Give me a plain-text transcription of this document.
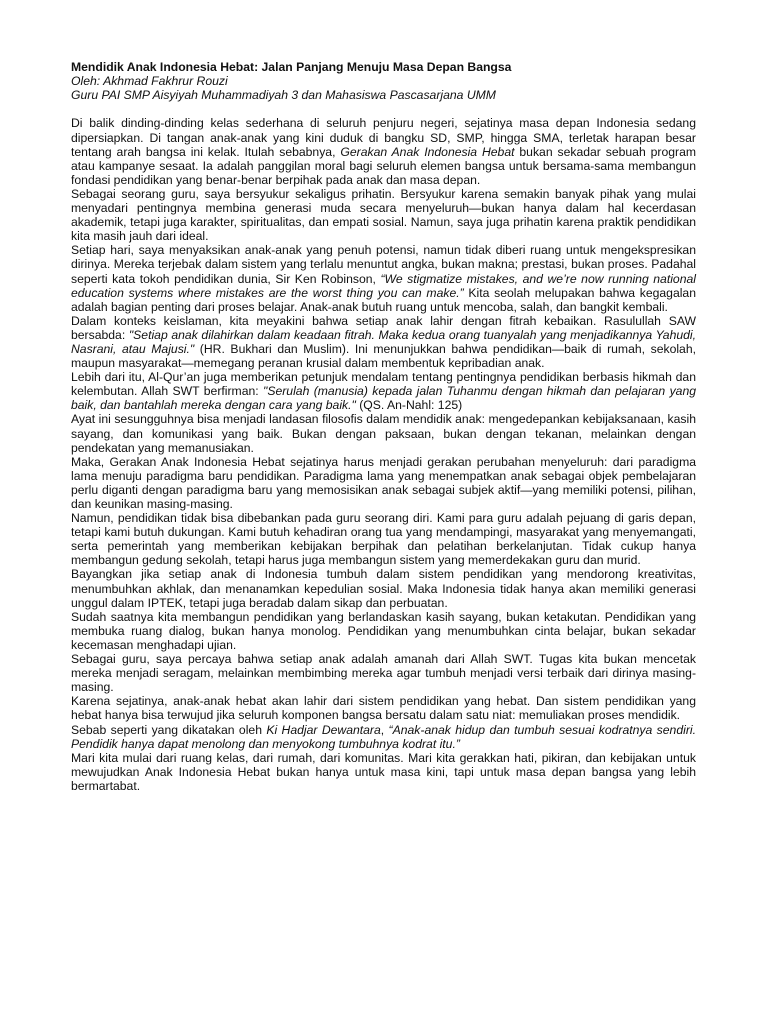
Mendidik Anak Indonesia Hebat: Jalan Panjang Menuju Masa Depan Bangsa

Oleh: Akhmad Fakhrur Rouzi

Guru PAI SMP Aisyiyah Muhammadiyah 3 dan Mahasiswa Pascasarjana UMM

Di balik dinding-dinding kelas sederhana di seluruh penjuru negeri, sejatinya masa depan Indonesia sedang dipersiapkan. Di tangan anak-anak yang kini duduk di bangku SD, SMP, hingga SMA, terletak harapan besar tentang arah bangsa ini kelak. Itulah sebabnya, Gerakan Anak Indonesia Hebat bukan sekadar sebuah program atau kampanye sesaat. Ia adalah panggilan moral bagi seluruh elemen bangsa untuk bersama-sama membangun fondasi pendidikan yang benar-benar berpihak pada anak dan masa depan.

Sebagai seorang guru, saya bersyukur sekaligus prihatin. Bersyukur karena semakin banyak pihak yang mulai menyadari pentingnya membina generasi muda secara menyeluruh—bukan hanya dalam hal kecerdasan akademik, tetapi juga karakter, spiritualitas, dan empati sosial. Namun, saya juga prihatin karena praktik pendidikan kita masih jauh dari ideal.

Setiap hari, saya menyaksikan anak-anak yang penuh potensi, namun tidak diberi ruang untuk mengekspresikan dirinya. Mereka terjebak dalam sistem yang terlalu menuntut angka, bukan makna; prestasi, bukan proses. Padahal seperti kata tokoh pendidikan dunia, Sir Ken Robinson, “We stigmatize mistakes, and we’re now running national education systems where mistakes are the worst thing you can make.” Kita seolah melupakan bahwa kegagalan adalah bagian penting dari proses belajar. Anak-anak butuh ruang untuk mencoba, salah, dan bangkit kembali.

Dalam konteks keislaman, kita meyakini bahwa setiap anak lahir dengan fitrah kebaikan. Rasulullah SAW bersabda: "Setiap anak dilahirkan dalam keadaan fitrah. Maka kedua orang tuanyalah yang menjadikannya Yahudi, Nasrani, atau Majusi." (HR. Bukhari dan Muslim). Ini menunjukkan bahwa pendidikan—baik di rumah, sekolah, maupun masyarakat—memegang peranan krusial dalam membentuk kepribadian anak.

Lebih dari itu, Al-Qur’an juga memberikan petunjuk mendalam tentang pentingnya pendidikan berbasis hikmah dan kelembutan. Allah SWT berfirman: "Serulah (manusia) kepada jalan Tuhanmu dengan hikmah dan pelajaran yang baik, dan bantahlah mereka dengan cara yang baik." (QS. An-Nahl: 125)

Ayat ini sesungguhnya bisa menjadi landasan filosofis dalam mendidik anak: mengedepankan kebijaksanaan, kasih sayang, dan komunikasi yang baik. Bukan dengan paksaan, bukan dengan tekanan, melainkan dengan pendekatan yang memanusiakan.

Maka, Gerakan Anak Indonesia Hebat sejatinya harus menjadi gerakan perubahan menyeluruh: dari paradigma lama menuju paradigma baru pendidikan. Paradigma lama yang menempatkan anak sebagai objek pembelajaran perlu diganti dengan paradigma baru yang memosisikan anak sebagai subjek aktif—yang memiliki potensi, pilihan, dan keunikan masing-masing.

Namun, pendidikan tidak bisa dibebankan pada guru seorang diri. Kami para guru adalah pejuang di garis depan, tetapi kami butuh dukungan. Kami butuh kehadiran orang tua yang mendampingi, masyarakat yang menyemangati, serta pemerintah yang memberikan kebijakan berpihak dan pelatihan berkelanjutan. Tidak cukup hanya membangun gedung sekolah, tetapi harus juga membangun sistem yang memerdekakan guru dan murid.

Bayangkan jika setiap anak di Indonesia tumbuh dalam sistem pendidikan yang mendorong kreativitas, menumbuhkan akhlak, dan menanamkan kepedulian sosial. Maka Indonesia tidak hanya akan memiliki generasi unggul dalam IPTEK, tetapi juga beradab dalam sikap dan perbuatan.

Sudah saatnya kita membangun pendidikan yang berlandaskan kasih sayang, bukan ketakutan. Pendidikan yang membuka ruang dialog, bukan hanya monolog. Pendidikan yang menumbuhkan cinta belajar, bukan sekadar kecemasan menghadapi ujian.

Sebagai guru, saya percaya bahwa setiap anak adalah amanah dari Allah SWT. Tugas kita bukan mencetak mereka menjadi seragam, melainkan membimbing mereka agar tumbuh menjadi versi terbaik dari dirinya masing-masing.

Karena sejatinya, anak-anak hebat akan lahir dari sistem pendidikan yang hebat. Dan sistem pendidikan yang hebat hanya bisa terwujud jika seluruh komponen bangsa bersatu dalam satu niat: memuliakan proses mendidik.

Sebab seperti yang dikatakan oleh Ki Hadjar Dewantara, “Anak-anak hidup dan tumbuh sesuai kodratnya sendiri. Pendidik hanya dapat menolong dan menyokong tumbuhnya kodrat itu.”

Mari kita mulai dari ruang kelas, dari rumah, dari komunitas. Mari kita gerakkan hati, pikiran, dan kebijakan untuk mewujudkan Anak Indonesia Hebat bukan hanya untuk masa kini, tapi untuk masa depan bangsa yang lebih bermartabat.
